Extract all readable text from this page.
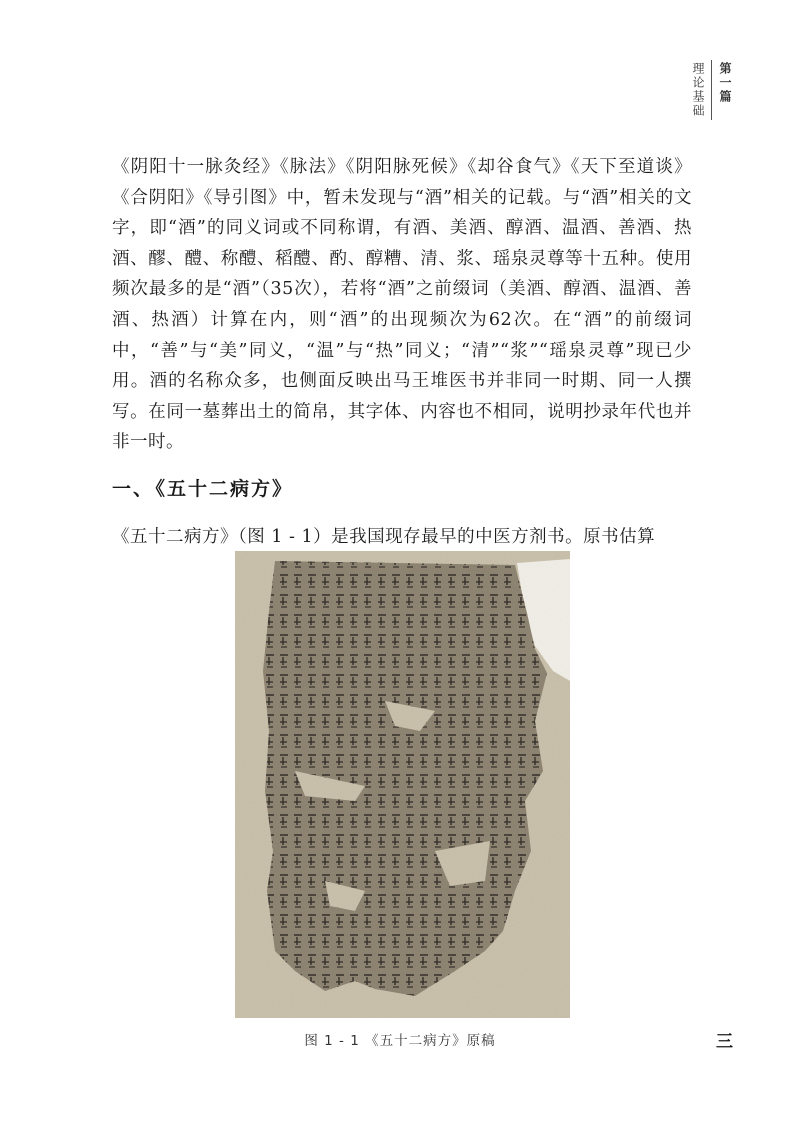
第一篇
理论基础

《阴阳十一脉灸经》《脉法》《阴阳脉死候》《却谷食气》《天下至道谈》《合阴阳》《导引图》中，暂未发现与“酒”相关的记载。与“酒”相关的文字，即“酒”的同义词或不同称谓，有酒、美酒、醇酒、温酒、善酒、热酒、醪、醴、称醴、稻醴、酌、醇糟、清、浆、瑶泉灵尊等十五种。使用频次最多的是“酒”（35次），若将“酒”之前缀词（美酒、醇酒、温酒、善酒、热酒）计算在内，则“酒”的出现频次为62次。在“酒”的前缀词中，“善”与“美”同义，“温”与“热”同义；“清”“浆”“瑶泉灵尊”现已少用。酒的名称众多，也侧面反映出马王堆医书并非同一时期、同一人撰写。在同一墓葬出土的简帛，其字体、内容也不相同，说明抄录年代也并非一时。

一、《五十二病方》
《五十二病方》（图 1 - 1）是我国现存最早的中医方剂书。原书估算
图 1 - 1 《五十二病方》原稿	三
